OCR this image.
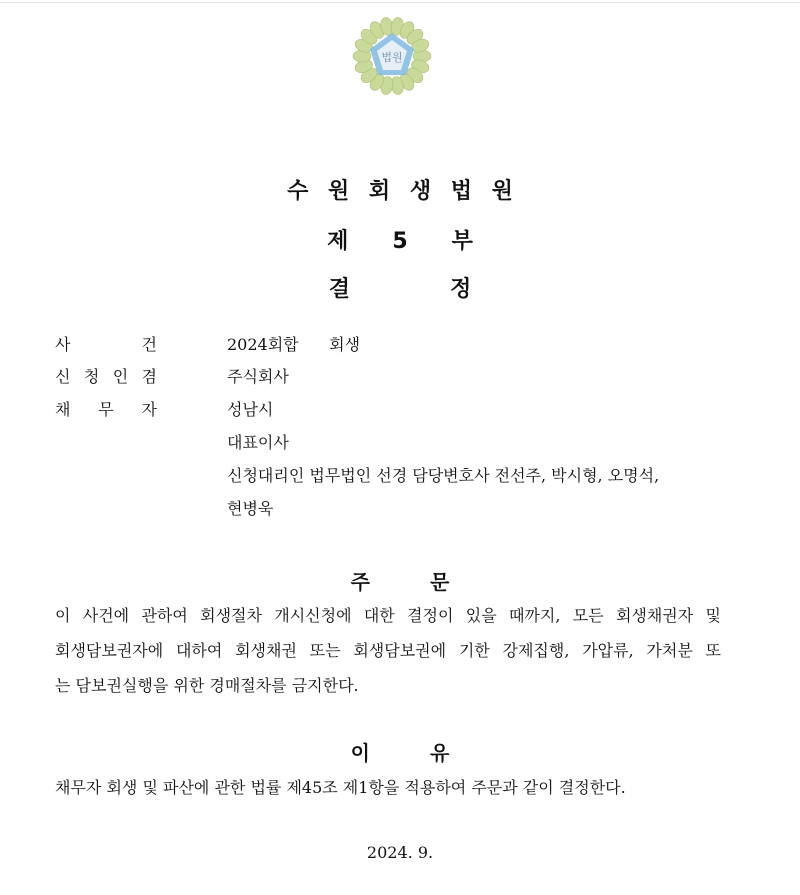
법원
수 원 회 생 법 원
제 5 부
결	정
사	건	2024회합      회생
신 청 인 겸	주식회사
채 무 자	성남시
대표이사
신청대리인 법무법인 선경 담당변호사 전선주, 박시형, 오명석,
현병욱
주	문
이 사건에 관하여 회생절차 개시신청에 대한 결정이 있을 때까지, 모든 회생채권자 및
회생담보권자에 대하여 회생채권 또는 회생담보권에 기한 강제집행, 가압류, 가처분 또
는 담보권실행을 위한 경매절차를 금지한다.
이	유
채무자 회생 및 파산에 관한 법률 제45조 제1항을 적용하여 주문과 같이 결정한다.
2024. 9.
